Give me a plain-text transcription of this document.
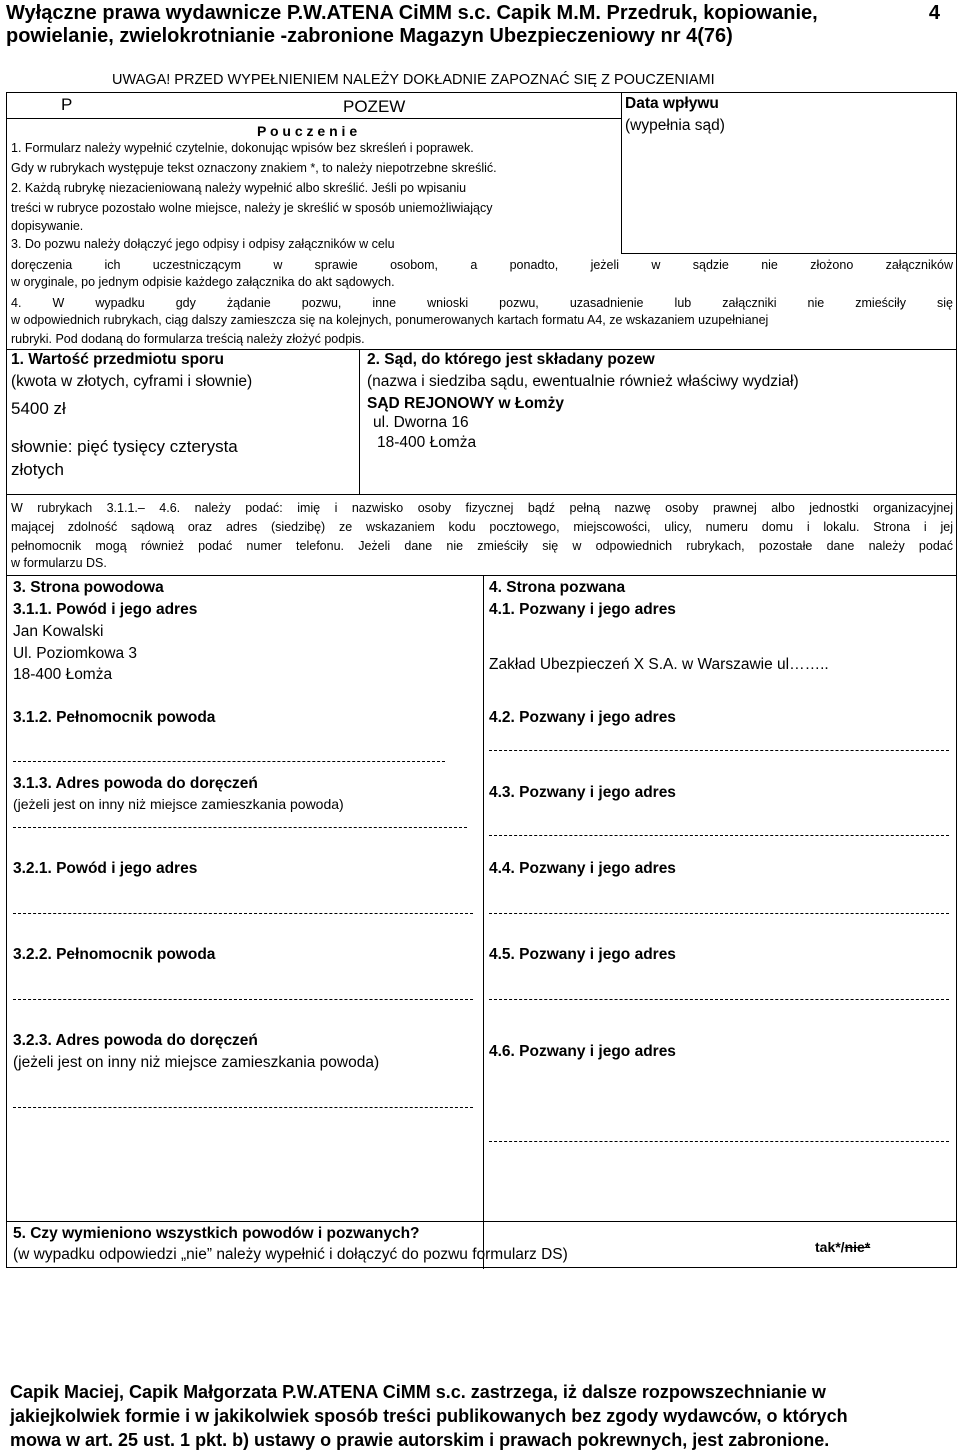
Wyłączne prawa wydawnicze P.W.ATENA CiMM s.c. Capik M.M. Przedruk, kopiowanie,
powielanie, zwielokrotnianie -zabronione Magazyn Ubezpieczeniowy nr 4(76)
4
UWAGA! PRZED WYPEŁNIENIEM NALEŻY DOKŁADNIE ZAPOZNAĆ SIĘ Z POUCZENIAMI
P	POZEW	Data wpływu
(wypełnia sąd)
P o u c z e n i e
1. Formularz należy wypełnić czytelnie, dokonując wpisów bez skreśleń i poprawek.
Gdy w rubrykach występuje tekst oznaczony znakiem *, to należy niepotrzebne skreślić.
2. Każdą rubrykę niezacieniowaną należy wypełnić albo skreślić. Jeśli po wpisaniu
treści w rubryce pozostało wolne miejsce, należy je skreślić w sposób uniemożliwiający
dopisywanie.
3. Do pozwu należy dołączyć jego odpisy i odpisy załączników w celu
doręczenia ich uczestniczącym w sprawie osobom, a ponadto, jeżeli w sądzie nie złożono załączników
w oryginale, po jednym odpisie każdego załącznika do akt sądowych.
4. W wypadku gdy żądanie pozwu, inne wnioski pozwu, uzasadnienie lub załączniki nie zmieściły się
w odpowiednich rubrykach, ciąg dalszy zamieszcza się na kolejnych, ponumerowanych kartach formatu A4, ze wskazaniem uzupełnianej
rubryki. Pod dodaną do formularza treścią należy złożyć podpis.
1. Wartość przedmiotu sporu
(kwota w złotych, cyframi i słownie)
5400 zł
słownie: pięć tysięcy czterysta
złotych
2. Sąd, do którego jest składany pozew
(nazwa i siedziba sądu, ewentualnie również właściwy wydział)
SĄD REJONOWY w Łomży
ul. Dworna 16
18-400 Łomża
W rubrykach 3.1.1.– 4.6. należy podać: imię i nazwisko osoby fizycznej bądź pełną nazwę osoby prawnej albo jednostki organizacyjnej
mającej zdolność sądową oraz adres (siedzibę) ze wskazaniem kodu pocztowego, miejscowości, ulicy, numeru domu i lokalu. Strona i jej
pełnomocnik mogą również podać numer telefonu. Jeżeli dane nie zmieściły się w odpowiednich rubrykach, pozostałe dane należy podać
w formularzu DS.
3. Strona powodowa
3.1.1. Powód i jego adres
Jan Kowalski
Ul. Poziomkowa 3
18-400 Łomża
3.1.2. Pełnomocnik powoda
3.1.3. Adres powoda do doręczeń
(jeżeli jest on inny niż miejsce zamieszkania powoda)
3.2.1. Powód i jego adres
3.2.2. Pełnomocnik powoda
3.2.3. Adres powoda do doręczeń
(jeżeli jest on inny niż miejsce zamieszkania powoda)
4. Strona pozwana
4.1. Pozwany i jego adres
Zakład Ubezpieczeń X S.A. w Warszawie ul……..
4.2. Pozwany i jego adres
4.3. Pozwany i jego adres
4.4. Pozwany i jego adres
4.5. Pozwany i jego adres
4.6. Pozwany i jego adres
5. Czy wymieniono wszystkich powodów i pozwanych?
(w wypadku odpowiedzi „nie” należy wypełnić i dołączyć do pozwu formularz DS)	tak*/nie*
Capik Maciej, Capik Małgorzata P.W.ATENA CiMM s.c. zastrzega, iż dalsze rozpowszechnianie w
jakiejkolwiek formie i w jakikolwiek sposób treści publikowanych bez zgody wydawców, o których
mowa w art. 25 ust. 1 pkt. b) ustawy o prawie autorskim i prawach pokrewnych, jest zabronione.
